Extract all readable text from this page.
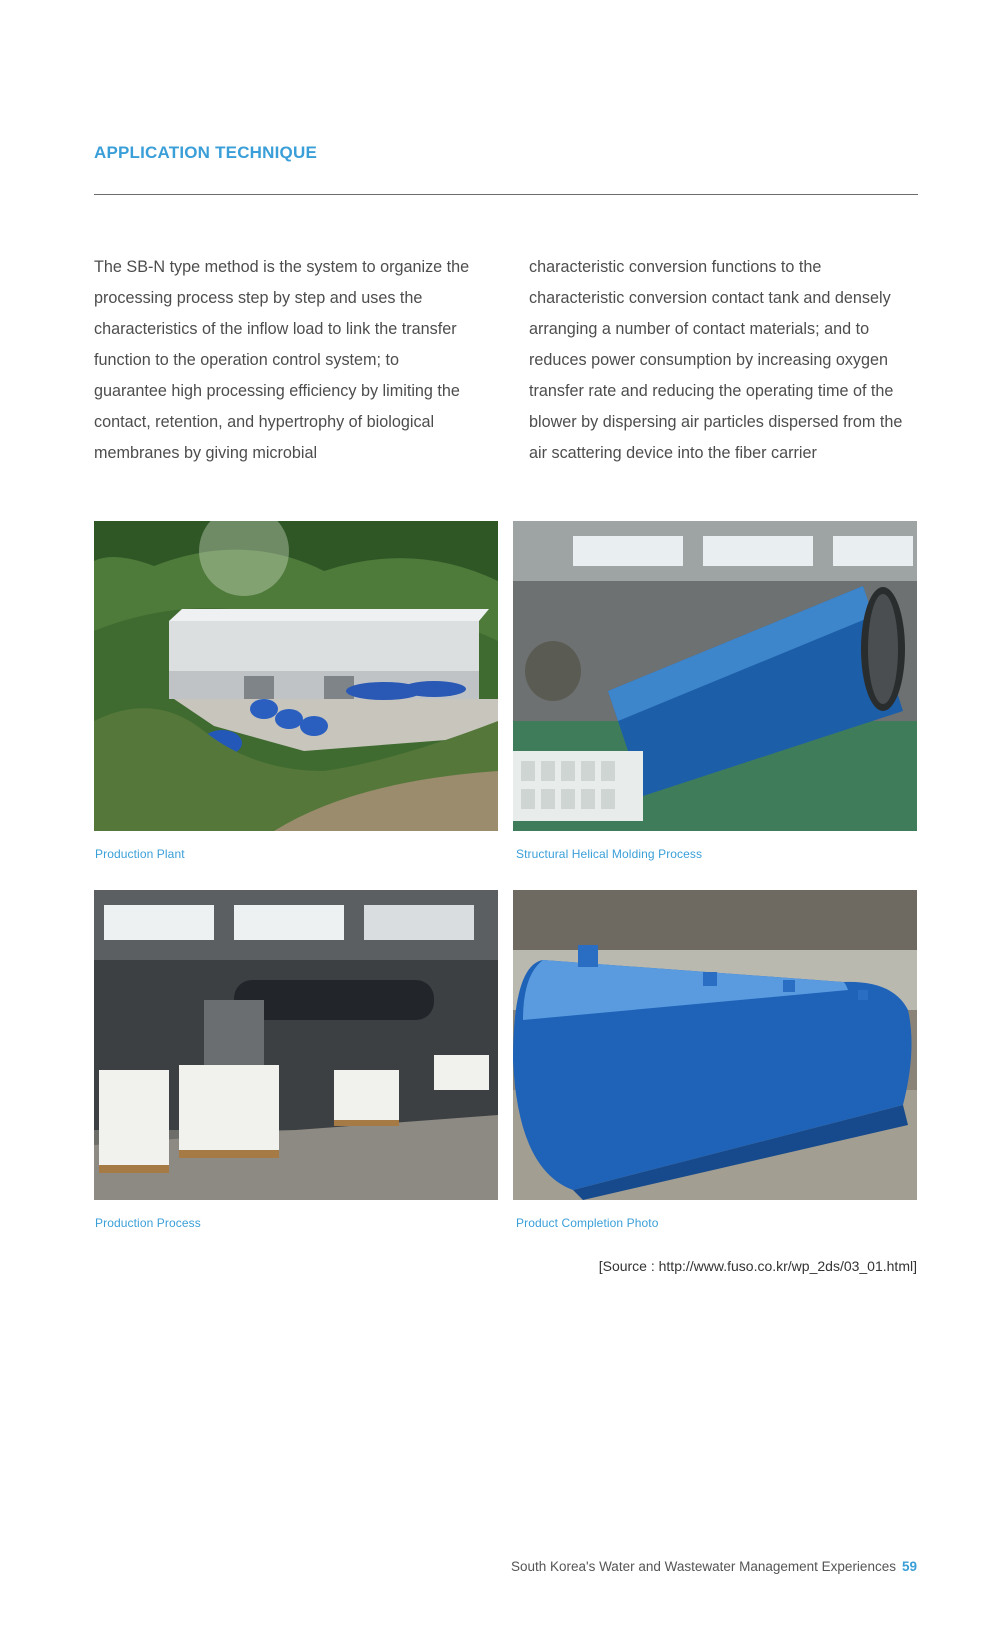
APPLICATION TECHNIQUE

The SB-N type method is the system to organize the processing process step by step and uses the characteristics of the inflow load to link the transfer function to the operation control system; to guarantee high processing efficiency by limiting the contact, retention, and hypertrophy of biological membranes by giving microbial

characteristic conversion functions to the characteristic conversion contact tank and densely arranging a number of contact materials; and to reduces power consumption by increasing oxygen transfer rate and reducing the operating time of the blower by dispersing air particles dispersed from the air scattering device into the fiber carrier

Production Plant	Structural Helical Molding Process
Production Process	Product Completion Photo
[Source : http://www.fuso.co.kr/wp_2ds/03_01.html]
South Korea's Water and Wastewater Management Experiences 59
